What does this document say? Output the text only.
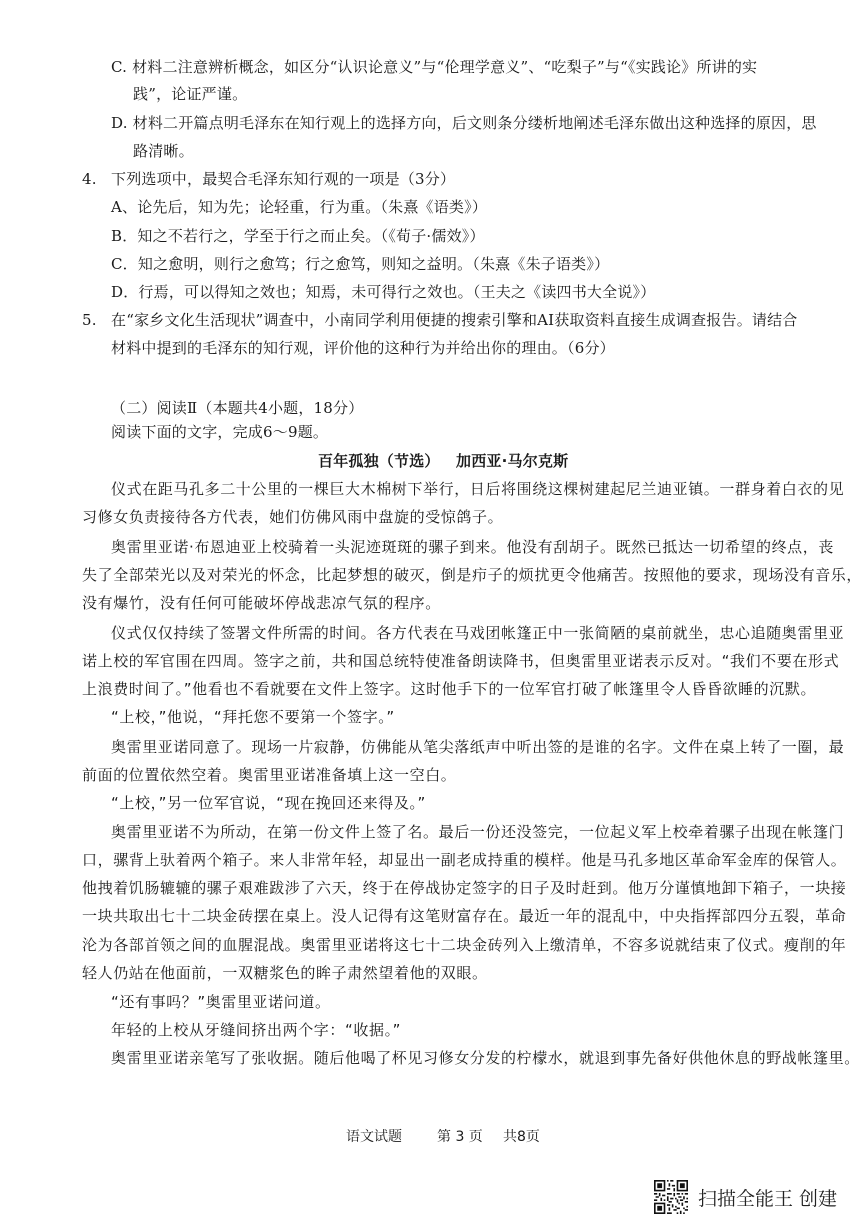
C. 材料二注意辨析概念，如区分“认识论意义”与“伦理学意义”、“吃梨子”与“《实践论》所讲的实
践”，论证严谨。
D. 材料二开篇点明毛泽东在知行观上的选择方向，后文则条分缕析地阐述毛泽东做出这种选择的原因，思
路清晰。
4. 下列选项中，最契合毛泽东知行观的一项是（3分）
A、论先后，知为先；论轻重，行为重。（朱熹《语类》）
B．知之不若行之，学至于行之而止矣。（《荀子·儒效》）
C．知之愈明，则行之愈笃；行之愈笃，则知之益明。（朱熹《朱子语类》）
D．行焉，可以得知之效也；知焉，未可得行之效也。（王夫之《读四书大全说》）
5. 在“家乡文化生活现状”调查中，小南同学利用便捷的搜索引擎和AI获取资料直接生成调查报告。请结合
材料中提到的毛泽东的知行观，评价他的这种行为并给出你的理由。（6分）
（二）阅读Ⅱ（本题共4小题，18分）
阅读下面的文字，完成6～9题。
百年孤独（节选） 加西亚·马尔克斯
仪式在距马孔多二十公里的一棵巨大木棉树下举行，日后将围绕这棵树建起尼兰迪亚镇。一群身着白衣的见
习修女负责接待各方代表，她们仿佛风雨中盘旋的受惊鸽子。
奥雷里亚诺·布恩迪亚上校骑着一头泥迹斑斑的骡子到来。他没有刮胡子。既然已抵达一切希望的终点，丧
失了全部荣光以及对荣光的怀念，比起梦想的破灭，倒是疖子的烦扰更令他痛苦。按照他的要求，现场没有音乐，
没有爆竹，没有任何可能破坏停战悲凉气氛的程序。
仪式仅仅持续了签署文件所需的时间。各方代表在马戏团帐篷正中一张简陋的桌前就坐，忠心追随奥雷里亚
诺上校的军官围在四周。签字之前，共和国总统特使准备朗读降书，但奥雷里亚诺表示反对。“我们不要在形式
上浪费时间了。”他看也不看就要在文件上签字。这时他手下的一位军官打破了帐篷里令人昏昏欲睡的沉默。
“上校，”他说，“拜托您不要第一个签字。”
奥雷里亚诺同意了。现场一片寂静，仿佛能从笔尖落纸声中听出签的是谁的名字。文件在桌上转了一圈，最
前面的位置依然空着。奥雷里亚诺准备填上这一空白。
“上校，”另一位军官说，“现在挽回还来得及。”
奥雷里亚诺不为所动，在第一份文件上签了名。最后一份还没签完，一位起义军上校牵着骡子出现在帐篷门
口，骡背上驮着两个箱子。来人非常年轻，却显出一副老成持重的模样。他是马孔多地区革命军金库的保管人。
他拽着饥肠辘辘的骡子艰难跋涉了六天，终于在停战协定签字的日子及时赶到。他万分谨慎地卸下箱子，一块接
一块共取出七十二块金砖摆在桌上。没人记得有这笔财富存在。最近一年的混乱中，中央指挥部四分五裂，革命
沦为各部首领之间的血腥混战。奥雷里亚诺将这七十二块金砖列入上缴清单，不容多说就结束了仪式。瘦削的年
轻人仍站在他面前，一双糖浆色的眸子肃然望着他的双眼。
“还有事吗？”奥雷里亚诺问道。
年轻的上校从牙缝间挤出两个字：“收据。”
奥雷里亚诺亲笔写了张收据。随后他喝了杯见习修女分发的柠檬水，就退到事先备好供他休息的野战帐篷里。
语文试题	第 3 页 共8页
扫描全能王 创建
